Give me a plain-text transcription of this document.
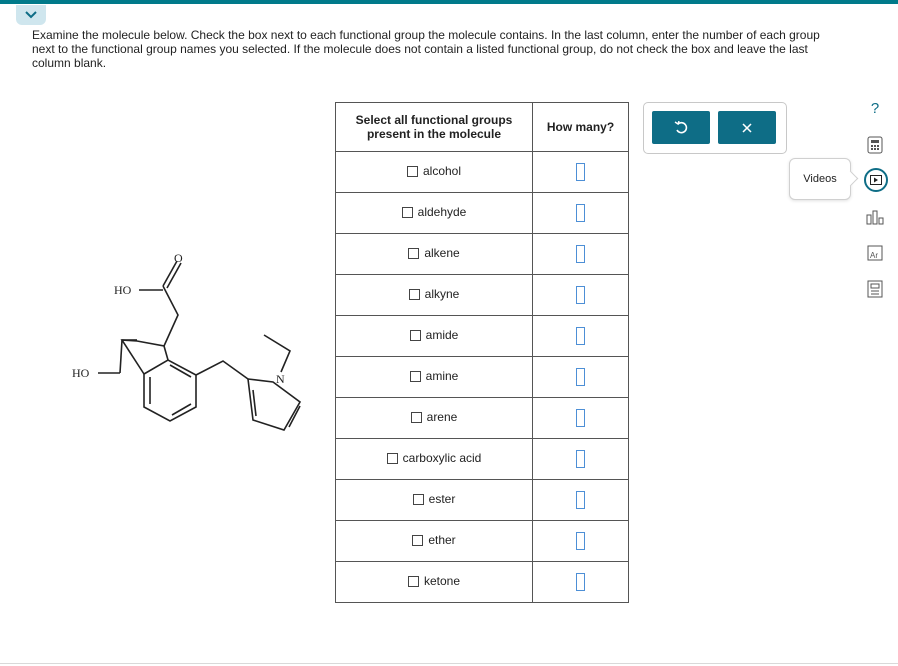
Examine the molecule below. Check the box next to each functional group the molecule contains. In the last column, enter the number of each group next to the functional group names you selected. If the molecule does not contain a listed functional group, do not check the box and leave the last column blank.
O
HO
HO	N
Select all functional groups present in the molecule	How many?

alcohol	

aldehyde	

alkene	

alkyne	

amide	

amine	

arene	

carboxylic acid	

ester	

ether	

ketone	

Videos
?
Ar
